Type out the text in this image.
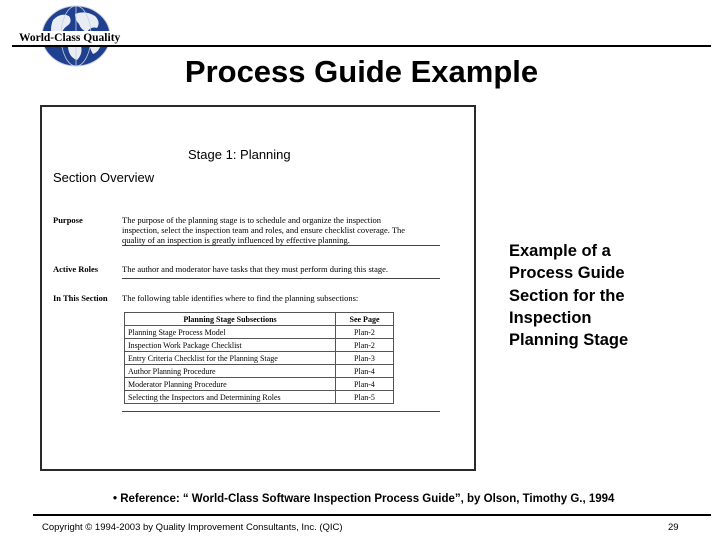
World-Class Quality
Process Guide Example
Stage 1: Planning
Section Overview
Purpose	The purpose of the planning stage is to schedule and organize the inspection
inspection, select the inspection team and roles, and ensure checklist coverage. The
quality of an inspection is greatly influenced by effective planning.
Active Roles	The author and moderator have tasks that they must perform during this stage.
In This Section The following table identifies where to find the planning subsections:
Planning Stage Subsections	See Page
Planning Stage Process Model	Plan-2
Inspection Work Package Checklist	Plan-2
Entry Criteria Checklist for the Planning Stage	Plan-3
Author Planning Procedure	Plan-4
Moderator Planning Procedure	Plan-4
Selecting the Inspectors and Determining Roles	Plan-5
Example of a
Process Guide
Section for the
Inspection
Planning Stage
• Reference: “ World-Class Software Inspection Process Guide”, by Olson, Timothy G., 1994
Copyright © 1994-2003 by Quality Improvement Consultants, Inc. (QIC)	29
